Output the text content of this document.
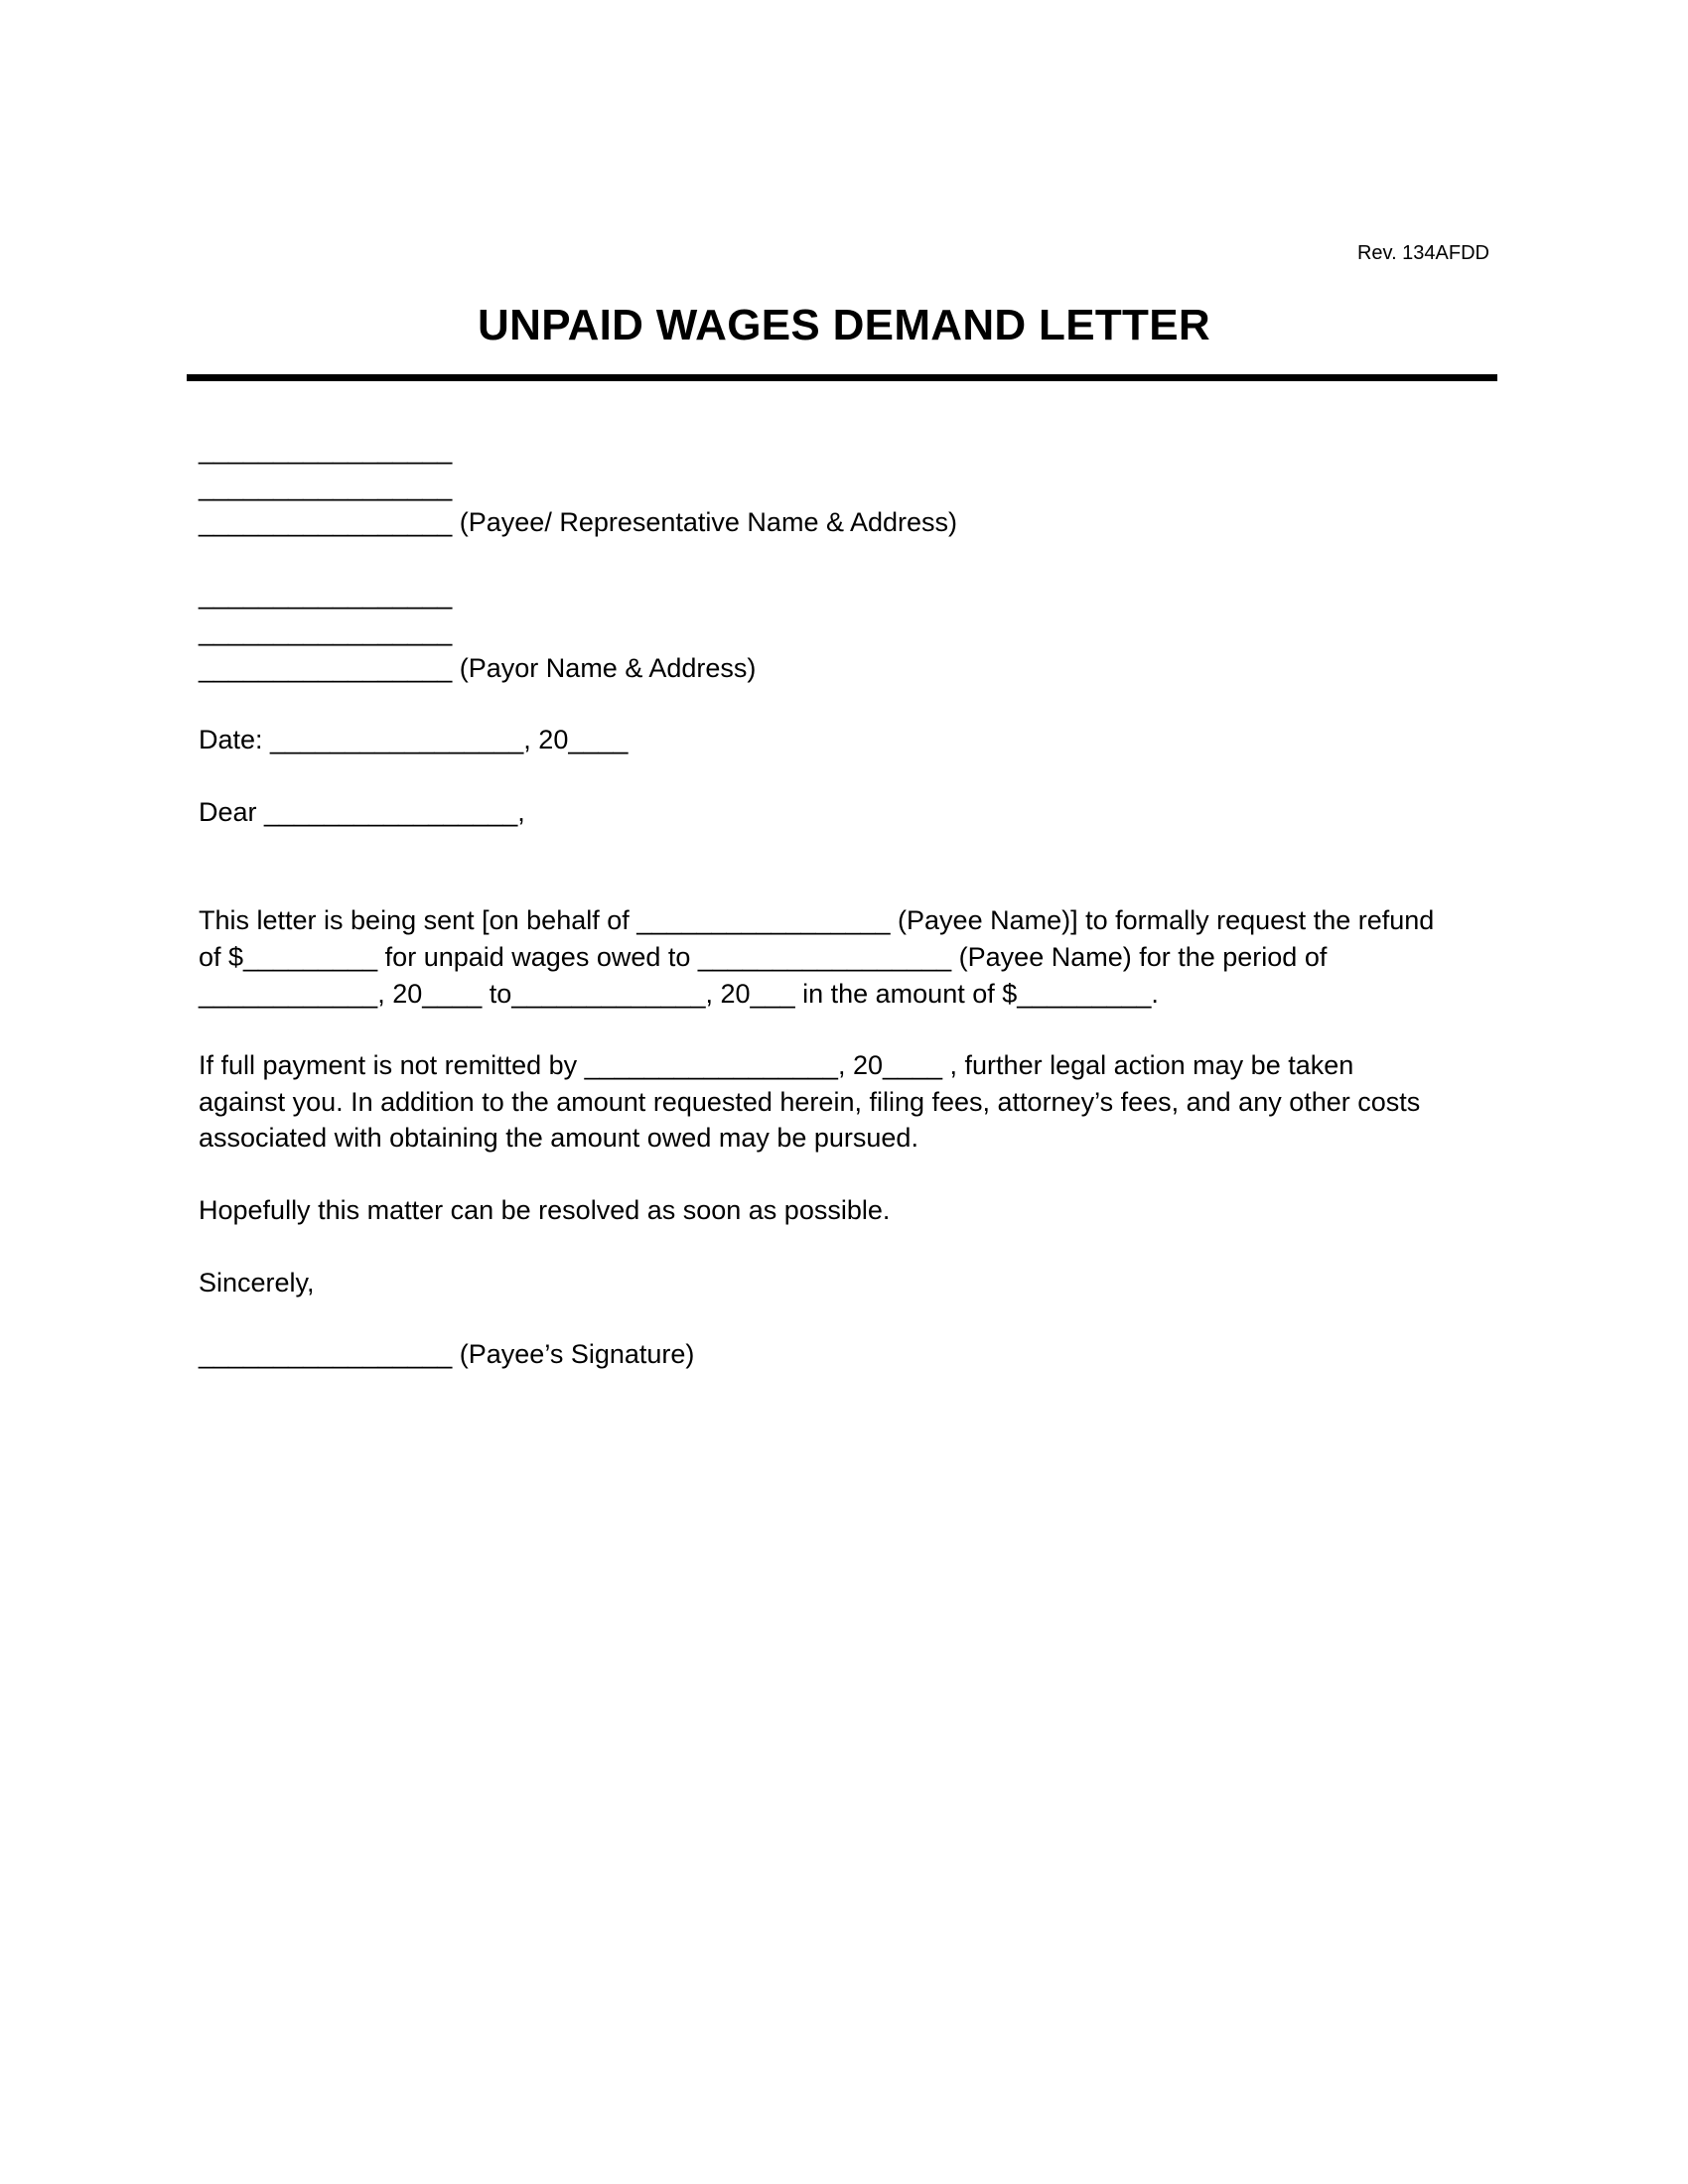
Rev. 134AFDD
UNPAID WAGES DEMAND LETTER
_________________
_________________
_________________ (Payee/ Representative Name & Address)
_________________
_________________
_________________ (Payor Name & Address)
Date: _________________, 20____
Dear _________________,
This letter is being sent [on behalf of _________________ (Payee Name)] to formally request the refund
of $_________ for unpaid wages owed to _________________ (Payee Name) for the period of
____________, 20____ to_____________, 20___ in the amount of $_________.
If full payment is not remitted by _________________, 20____ , further legal action may be taken
against you. In addition to the amount requested herein, filing fees, attorney’s fees, and any other costs
associated with obtaining the amount owed may be pursued.
Hopefully this matter can be resolved as soon as possible.
Sincerely,
_________________ (Payee’s Signature)
